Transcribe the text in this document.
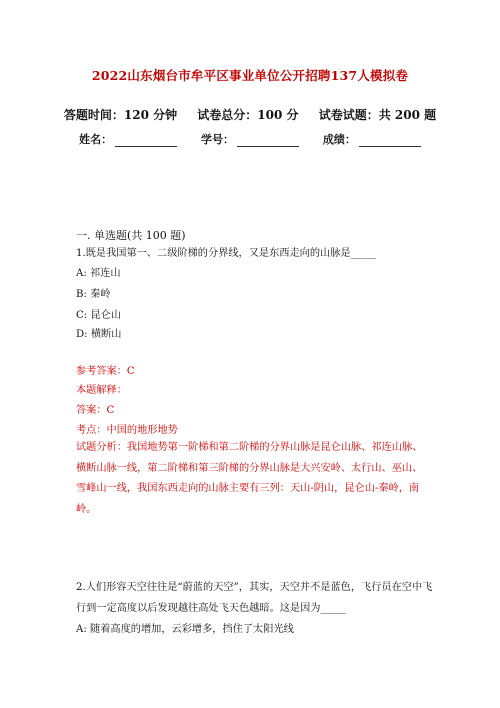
2022山东烟台市牟平区事业单位公开招聘137人模拟卷
答题时间：120 分钟 试卷总分：100 分 试卷试题：共 200 题
姓名：	学号：	成绩：
一. 单选题(共 100 题)
1.既是我国第一、二级阶梯的分界线，又是东西走向的山脉是_____
A: 祁连山
B: 秦岭
C: 昆仑山
D: 横断山
参考答案：C
本题解释：
答案：C
考点：中国的地形地势
试题分析：我国地势第一阶梯和第二阶梯的分界山脉是昆仑山脉、祁连山脉、横断山脉一线，第二阶梯和第三阶梯的分界山脉是大兴安岭、太行山、巫山、雪峰山一线，我国东西走向的山脉主要有三列：天山-阴山，昆仑山-秦岭，南岭。
2.人们形容天空往往是“蔚蓝的天空”，其实，天空并不是蓝色，飞行员在空中飞行到一定高度以后发现越往高处飞天色越暗。这是因为_____
A: 随着高度的增加，云彩增多，挡住了太阳光线
